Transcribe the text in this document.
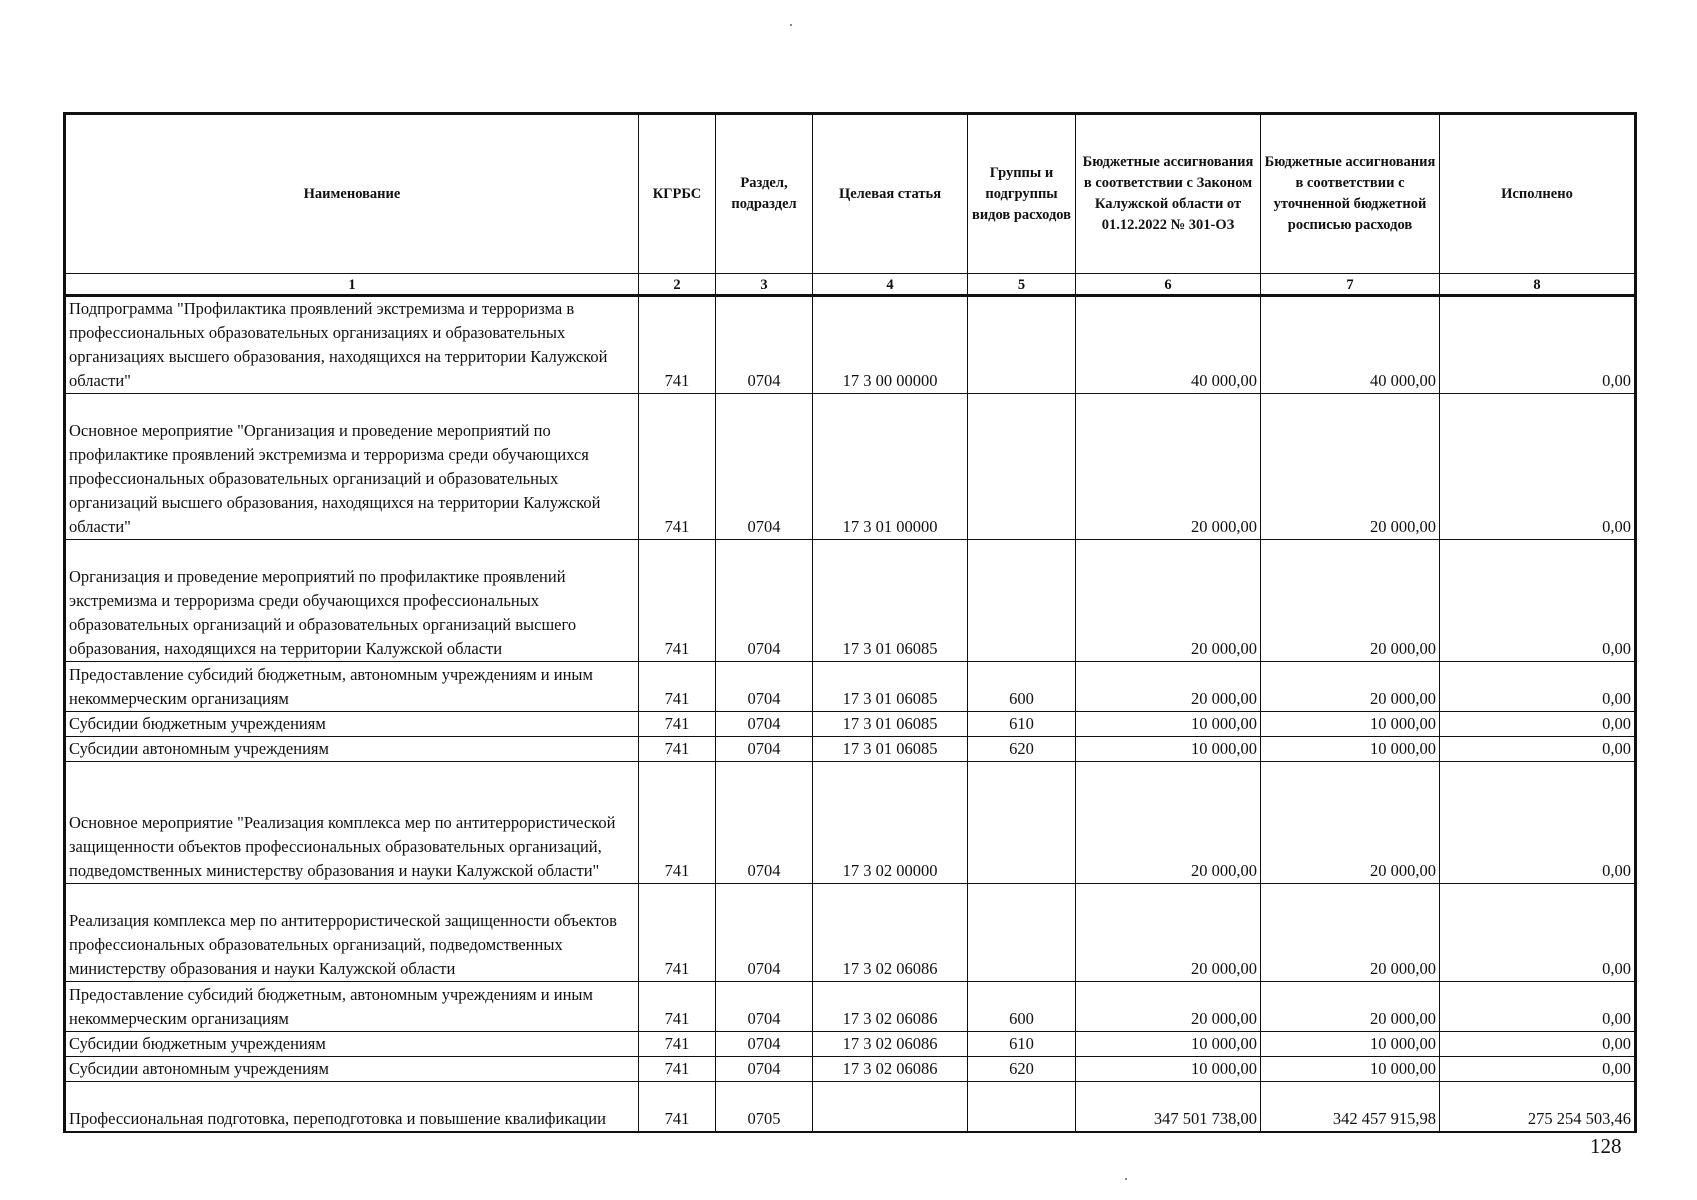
Наименование	КГРБС	Раздел, подраздел	Целевая статья	Группы и подгруппы видов расходов	Бюджетные ассигнования в соответствии с Законом Калужской области от 01.12.2022 № 301-ОЗ	Бюджетные ассигнования в соответствии с уточненной бюджетной росписью расходов	Исполнено
1	2	3	4	5	6	7	8
Подпрограмма "Профилактика проявлений экстремизма и терроризма в профессиональных образовательных организациях и образовательных организациях высшего образования, находящихся на территории Калужской области"	741	0704	17 3 00 00000		40 000,00	40 000,00	0,00
Основное мероприятие "Организация и проведение мероприятий по профилактике проявлений экстремизма и терроризма среди обучающихся профессиональных образовательных организаций и образовательных организаций высшего образования, находящихся на территории Калужской области"	741	0704	17 3 01 00000		20 000,00	20 000,00	0,00
Организация и проведение мероприятий по профилактике проявлений экстремизма и терроризма среди обучающихся профессиональных образовательных организаций и образовательных организаций высшего образования, находящихся на территории Калужской области	741	0704	17 3 01 06085		20 000,00	20 000,00	0,00
Предоставление субсидий бюджетным, автономным учреждениям и иным некоммерческим организациям	741	0704	17 3 01 06085	600	20 000,00	20 000,00	0,00
Субсидии бюджетным учреждениям	741	0704	17 3 01 06085	610	10 000,00	10 000,00	0,00
Субсидии автономным учреждениям	741	0704	17 3 01 06085	620	10 000,00	10 000,00	0,00
Основное мероприятие "Реализация комплекса мер по антитеррористической защищенности объектов профессиональных образовательных организаций, подведомственных министерству образования и науки Калужской области"	741	0704	17 3 02 00000		20 000,00	20 000,00	0,00
Реализация комплекса мер по антитеррористической защищенности объектов профессиональных образовательных организаций, подведомственных министерству образования и науки Калужской области	741	0704	17 3 02 06086		20 000,00	20 000,00	0,00
Предоставление субсидий бюджетным, автономным учреждениям и иным некоммерческим организациям	741	0704	17 3 02 06086	600	20 000,00	20 000,00	0,00
Субсидии бюджетным учреждениям	741	0704	17 3 02 06086	610	10 000,00	10 000,00	0,00
Субсидии автономным учреждениям	741	0704	17 3 02 06086	620	10 000,00	10 000,00	0,00
Профессиональная подготовка, переподготовка и повышение квалификации	741	0705			347 501 738,00	342 457 915,98	275 254 503,46
128
